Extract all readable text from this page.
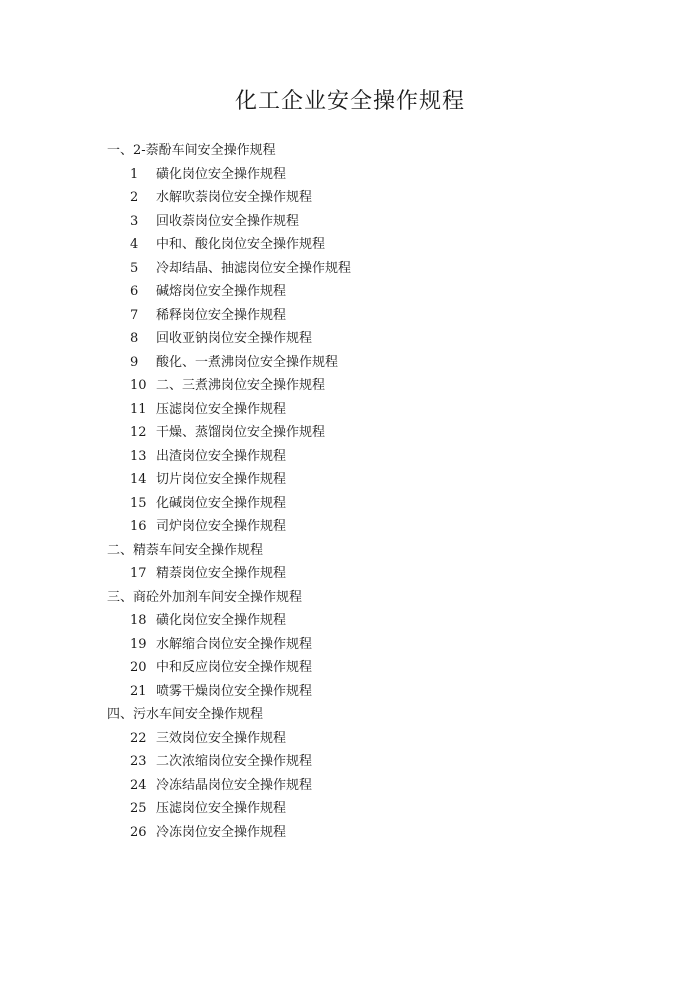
化工企业安全操作规程
一、2-萘酚车间安全操作规程
1 磺化岗位安全操作规程
2 水解吹萘岗位安全操作规程
3 回收萘岗位安全操作规程
4 中和、酸化岗位安全操作规程
5 冷却结晶、抽滤岗位安全操作规程
6 碱熔岗位安全操作规程
7 稀释岗位安全操作规程
8 回收亚钠岗位安全操作规程
9 酸化、一煮沸岗位安全操作规程
10 二、三煮沸岗位安全操作规程
11 压滤岗位安全操作规程
12 干燥、蒸馏岗位安全操作规程
13 出渣岗位安全操作规程
14 切片岗位安全操作规程
15 化碱岗位安全操作规程
16 司炉岗位安全操作规程
二、精萘车间安全操作规程
17 精萘岗位安全操作规程
三、商砼外加剂车间安全操作规程
18 磺化岗位安全操作规程
19 水解缩合岗位安全操作规程
20 中和反应岗位安全操作规程
21 喷雾干燥岗位安全操作规程
四、污水车间安全操作规程
22 三效岗位安全操作规程
23 二次浓缩岗位安全操作规程
24 冷冻结晶岗位安全操作规程
25 压滤岗位安全操作规程
26 冷冻岗位安全操作规程
